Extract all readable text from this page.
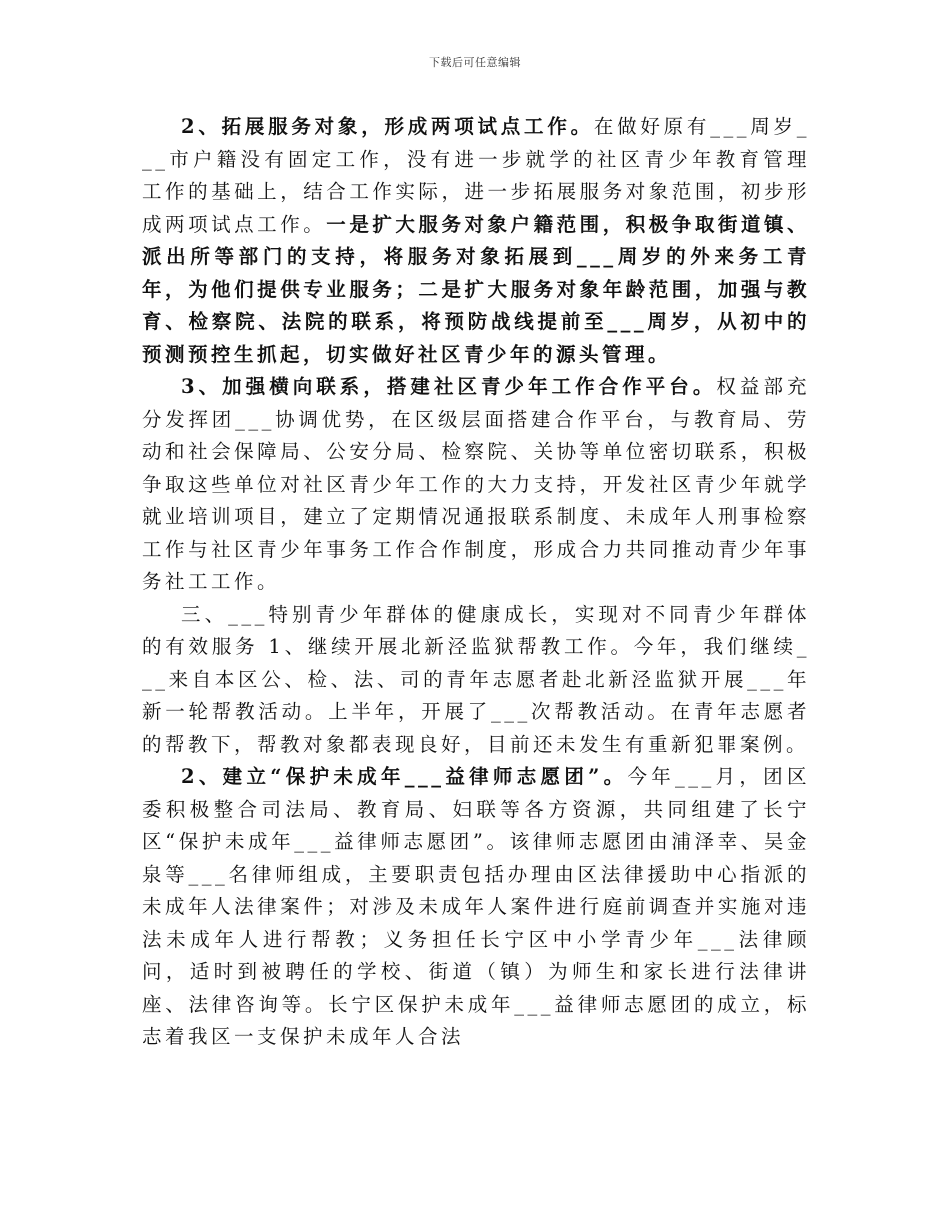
下载后可任意编辑

2、拓展服务对象，形成两项试点工作。在做好原有___周岁___市户籍没有固定工作，没有进一步就学的社区青少年教育管理工作的基础上，结合工作实际，进一步拓展服务对象范围，初步形成两项试点工作。一是扩大服务对象户籍范围，积极争取街道镇、派出所等部门的支持，将服务对象拓展到___周岁的外来务工青年，为他们提供专业服务；二是扩大服务对象年龄范围，加强与教育、检察院、法院的联系，将预防战线提前至___周岁，从初中的预测预控生抓起，切实做好社区青少年的源头管理。

3、加强横向联系，搭建社区青少年工作合作平台。权益部充分发挥团___协调优势，在区级层面搭建合作平台，与教育局、劳动和社会保障局、公安分局、检察院、关协等单位密切联系，积极争取这些单位对社区青少年工作的大力支持，开发社区青少年就学就业培训项目，建立了定期情况通报联系制度、未成年人刑事检察工作与社区青少年事务工作合作制度，形成合力共同推动青少年事务社工工作。

三、___特别青少年群体的健康成长，实现对不同青少年群体的有效服务 1、继续开展北新泾监狱帮教工作。今年，我们继续___来自本区公、检、法、司的青年志愿者赴北新泾监狱开展___年新一轮帮教活动。上半年，开展了___次帮教活动。在青年志愿者的帮教下，帮教对象都表现良好，目前还未发生有重新犯罪案例。

2、建立“保护未成年___益律师志愿团”。今年___月，团区委积极整合司法局、教育局、妇联等各方资源，共同组建了长宁区“保护未成年___益律师志愿团”。该律师志愿团由浦泽幸、吴金泉等___名律师组成，主要职责包括办理由区法律援助中心指派的未成年人法律案件；对涉及未成年人案件进行庭前调查并实施对违法未成年人进行帮教；义务担任长宁区中小学青少年___法律顾问，适时到被聘任的学校、街道（镇）为师生和家长进行法律讲座、法律咨询等。长宁区保护未成年___益律师志愿团的成立，标志着我区一支保护未成年人合法
